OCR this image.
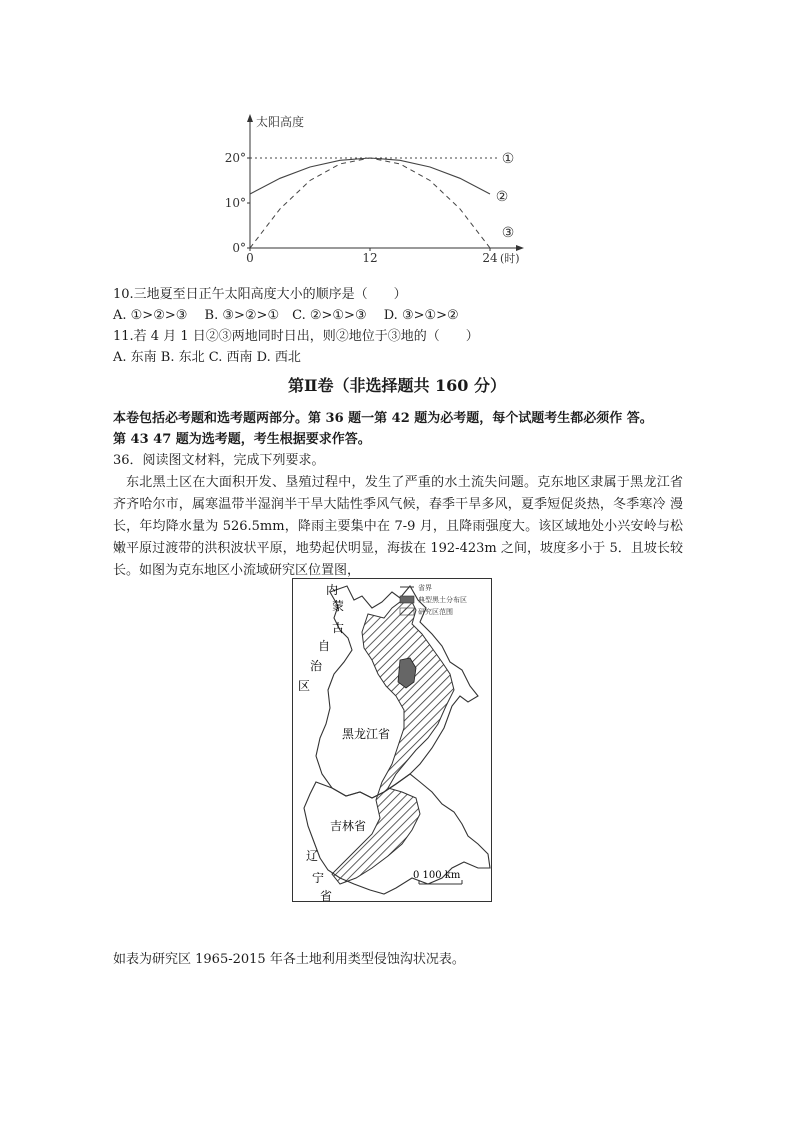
太阳高度
0°
10°
20°
0	12	24 (时)
①
②
③
10.三地夏至日正午太阳高度大小的顺序是（　　）
A. ①>②>③　 B. ③>②>①　C. ②>①>③　 D. ③>①>②
11.若 4 月 1 日②③两地同时日出，则②地位于③地的（　　）
A. 东南 B. 东北 C. 西南 D. 西北
第Ⅱ卷（非选择题共 160 分）
本卷包括必考题和选考题两部分。第 36 题一第 42 题为必考题，每个试题考生都必须作 答。
第 43 47 题为选考题，考生根据要求作答。
36．阅读图文材料，完成下列要求。
东北黑土区在大面积开发、垦殖过程中，发生了严重的水土流失问题。克东地区隶属于黑龙江省齐齐哈尔市，属寒温带半湿润半干旱大陆性季风气候，春季干旱多风，夏季短促炎热，冬季寒冷 漫长，年均降水量为 526.5mm，降雨主要集中在 7-9 月，且降雨强度大。该区域地处小兴安岭与松嫩平原过渡带的洪积波状平原，地势起伏明显，海拔在 192-423m 之间，坡度多小于 5．且坡长较长。如图为克东地区小流域研究区位置图，
省界
典型黑土分布区
研究区范围
内
蒙
古
自
治
区
黑龙江省
吉林省
辽
宁
省
0 100 km
如表为研究区 1965-2015 年各土地利用类型侵蚀沟状况表。
